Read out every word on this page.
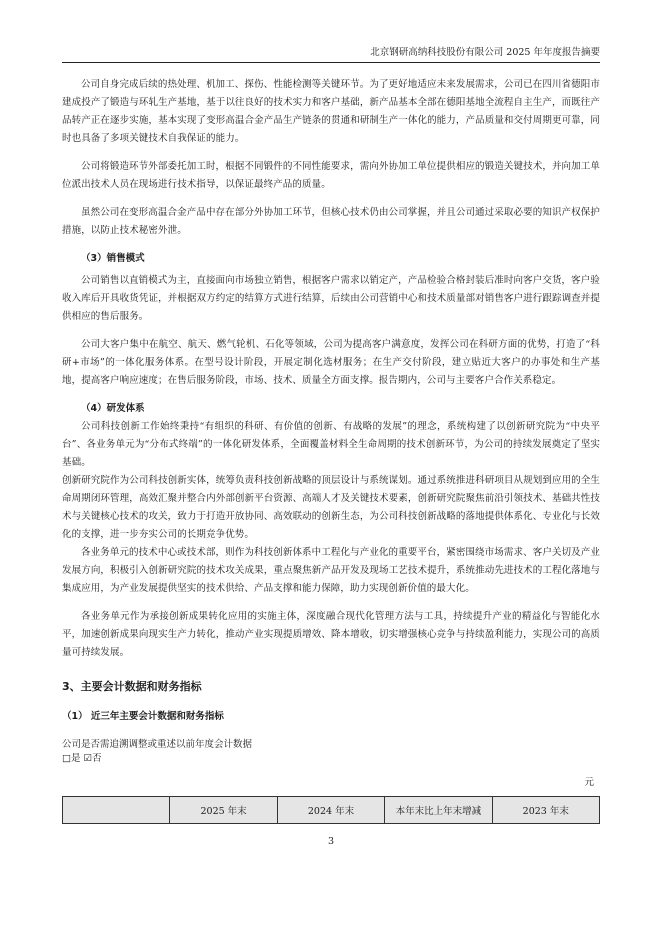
北京钢研高纳科技股份有限公司 2025 年年度报告摘要

公司自身完成后续的热处理、机加工、探伤、性能检测等关键环节。为了更好地适应未来发展需求，公司已在四川省德阳市建成投产了锻造与环轧生产基地，基于以往良好的技术实力和客户基础，新产品基本全部在德阳基地全流程自主生产，而既往产品转产正在逐步实施，基本实现了变形高温合金产品生产链条的贯通和研制生产一体化的能力，产品质量和交付周期更可靠，同时也具备了多项关键技术自我保证的能力。

公司将锻造环节外部委托加工时，根据不同锻件的不同性能要求，需向外协加工单位提供相应的锻造关键技术，并向加工单位派出技术人员在现场进行技术指导，以保证最终产品的质量。

虽然公司在变形高温合金产品中存在部分外协加工环节，但核心技术仍由公司掌握，并且公司通过采取必要的知识产权保护措施，以防止技术秘密外泄。

（3）销售模式

公司销售以直销模式为主，直接面向市场独立销售，根据客户需求以销定产，产品检验合格封装后准时向客户交货，客户验收入库后开具收货凭证，并根据双方约定的结算方式进行结算，后续由公司营销中心和技术质量部对销售客户进行跟踪调查并提供相应的售后服务。

公司大客户集中在航空、航天、燃气轮机、石化等领域，公司为提高客户满意度，发挥公司在科研方面的优势，打造了“科研+市场”的一体化服务体系。在型号设计阶段，开展定制化选材服务；在生产交付阶段，建立贴近大客户的办事处和生产基地，提高客户响应速度；在售后服务阶段，市场、技术、质量全方面支撑。报告期内，公司与主要客户合作关系稳定。

（4）研发体系

公司科技创新工作始终秉持“有组织的科研、有价值的创新、有战略的发展”的理念，系统构建了以创新研究院为“中央平台”、各业务单元为“分布式终端”的一体化研发体系，全面覆盖材料全生命周期的技术创新环节，为公司的持续发展奠定了坚实基础。

创新研究院作为公司科技创新实体，统筹负责科技创新战略的顶层设计与系统谋划。通过系统推进科研项目从规划到应用的全生命周期闭环管理，高效汇聚并整合内外部创新平台资源、高端人才及关键技术要素，创新研究院聚焦前沿引领技术、基础共性技术与关键核心技术的攻关，致力于打造开放协同、高效联动的创新生态，为公司科技创新战略的落地提供体系化、专业化与长效化的支撑，进一步夯实公司的长期竞争优势。

各业务单元的技术中心或技术部，则作为科技创新体系中工程化与产业化的重要平台，紧密围绕市场需求、客户关切及产业发展方向，积极引入创新研究院的技术攻关成果，重点聚焦新产品开发及现场工艺技术提升，系统推动先进技术的工程化落地与集成应用，为产业发展提供坚实的技术供给、产品支撑和能力保障，助力实现创新价值的最大化。

各业务单元作为承接创新成果转化应用的实施主体，深度融合现代化管理方法与工具，持续提升产业的精益化与智能化水平，加速创新成果向现实生产力转化，推动产业实现提质增效、降本增收，切实增强核心竞争与持续盈利能力，实现公司的高质量可持续发展。

3、主要会计数据和财务指标

（1） 近三年主要会计数据和财务指标

公司是否需追溯调整或重述以前年度会计数据

□是 ☑否

元

	2025 年末	2024 年末	本年末比上年末增减	2023 年末
3
